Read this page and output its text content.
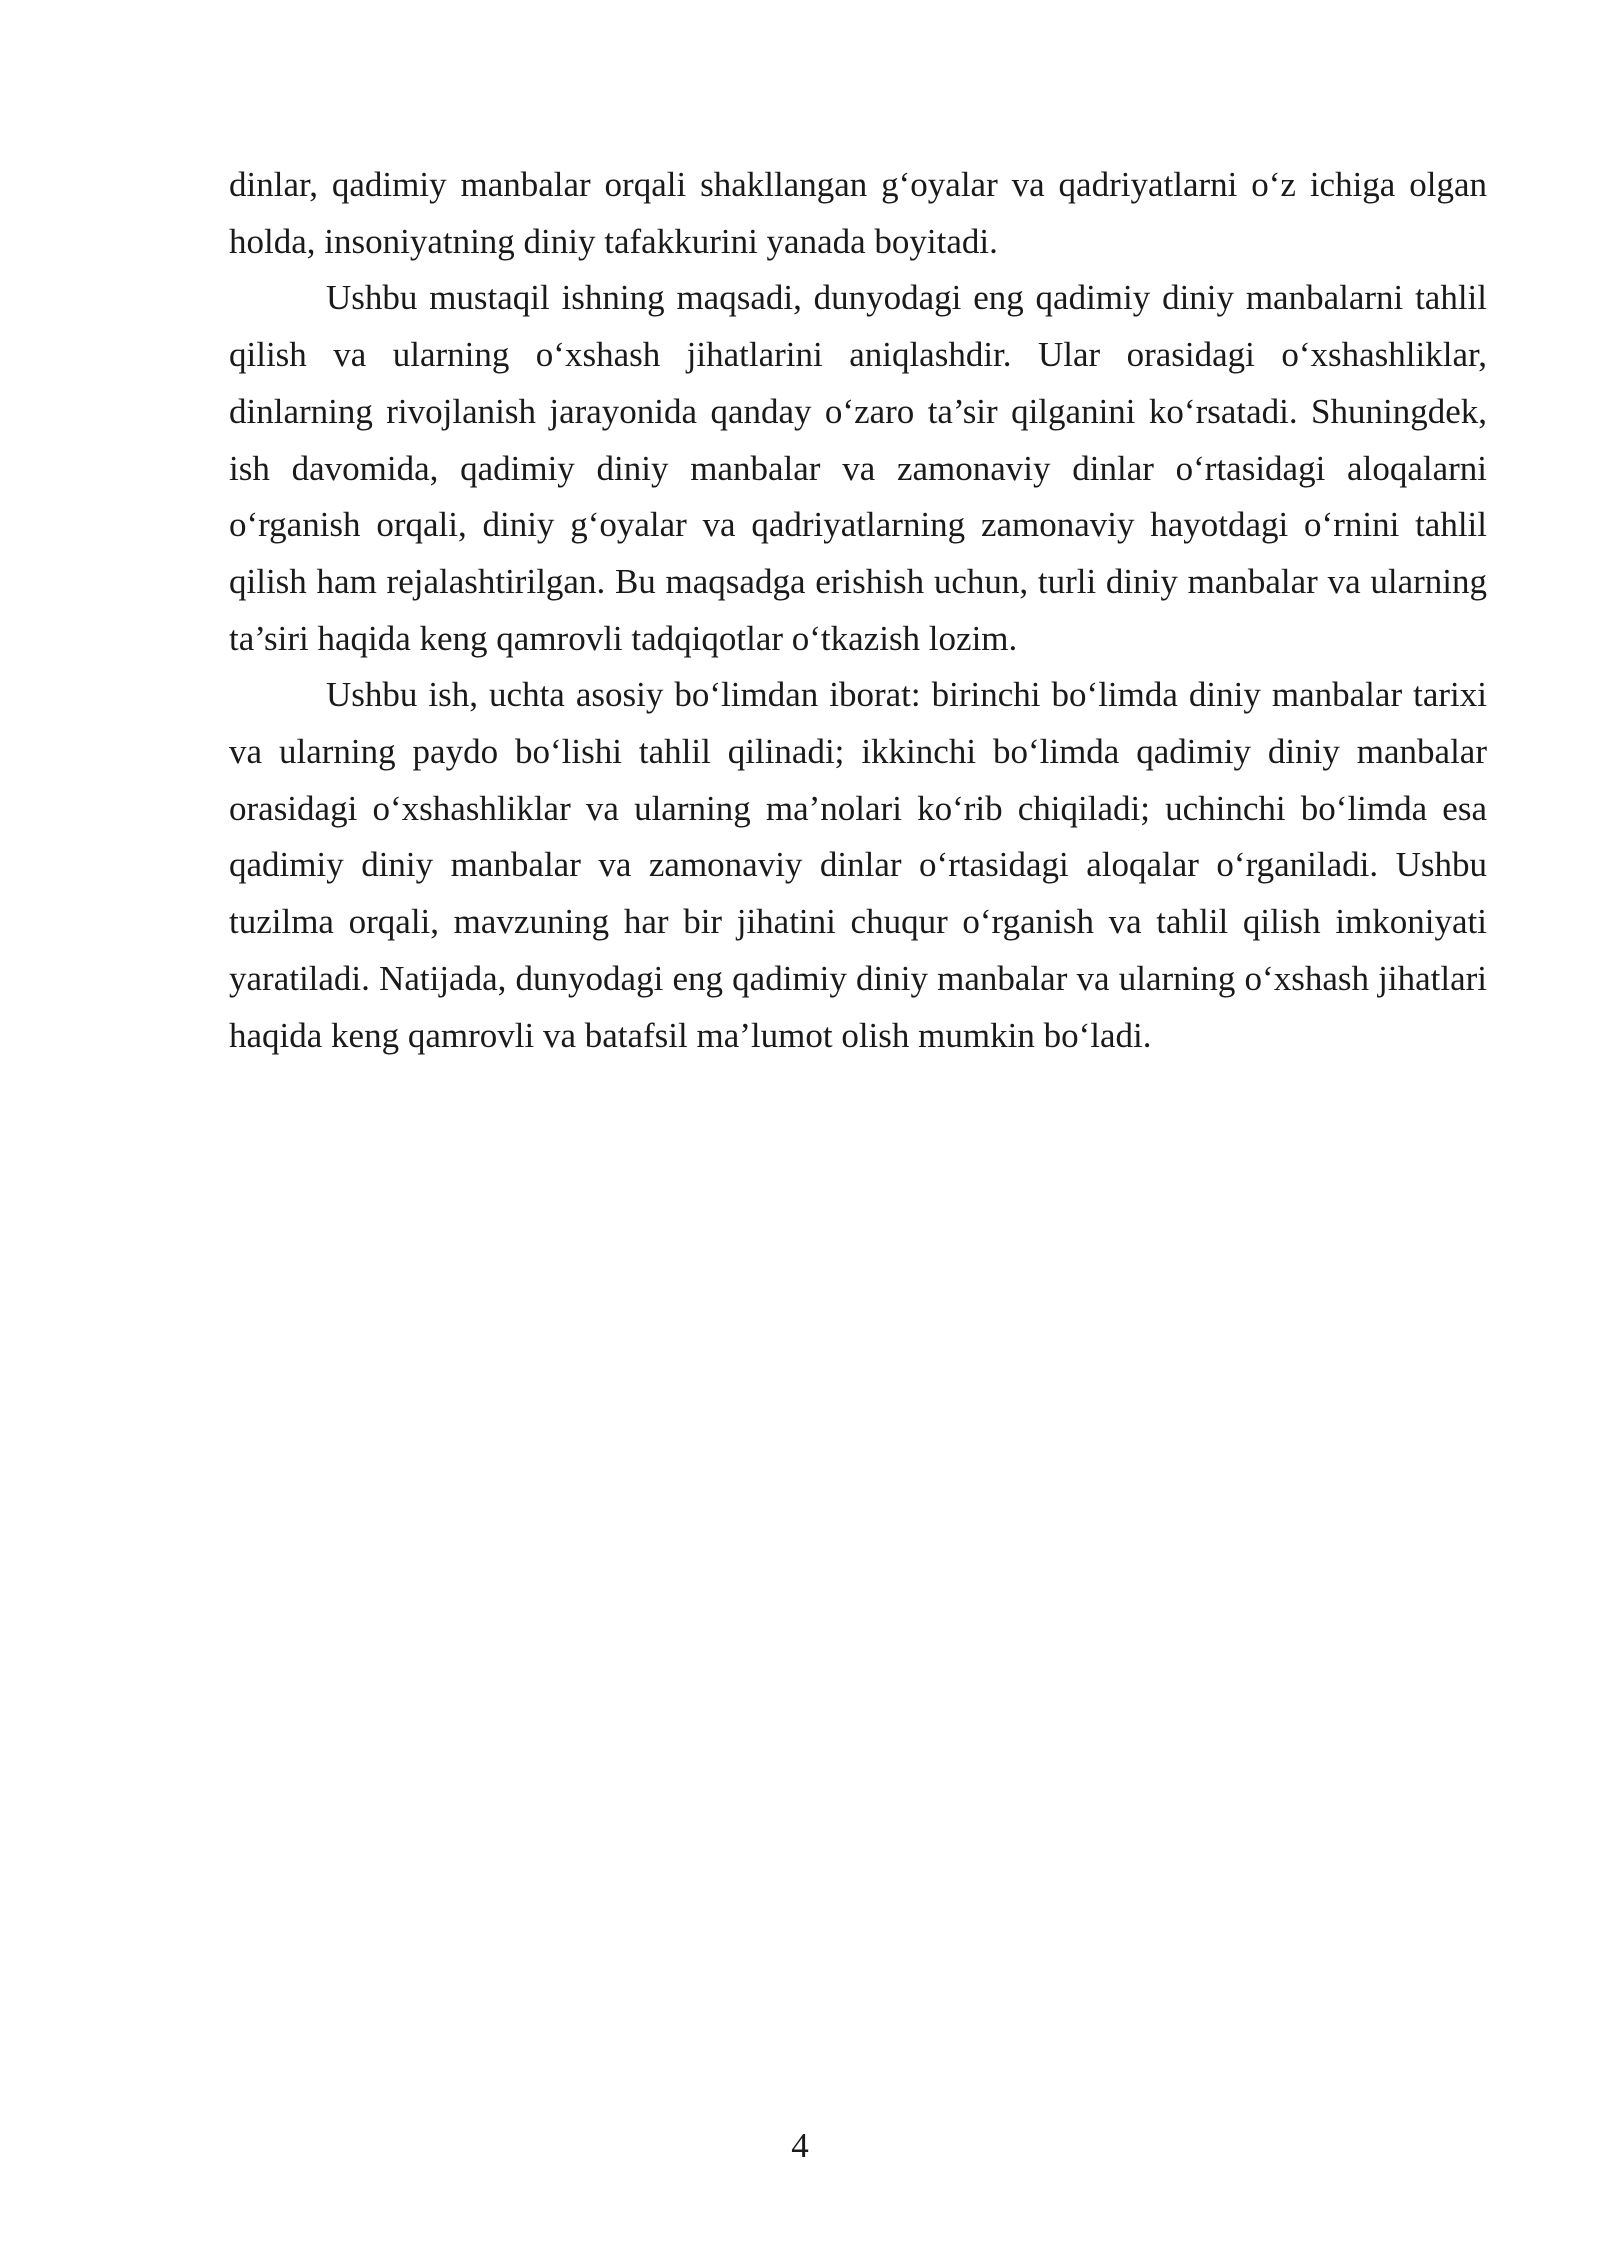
dinlar, qadimiy manbalar orqali shakllangan g‘oyalar va qadriyatlarni o‘z ichiga olgan holda, insoniyatning diniy tafakkurini yanada boyitadi.

Ushbu mustaqil ishning maqsadi, dunyodagi eng qadimiy diniy manbalarni tahlil qilish va ularning o‘xshash jihatlarini aniqlashdir. Ular orasidagi o‘xshashliklar, dinlarning rivojlanish jarayonida qanday o‘zaro ta’sir qilganini ko‘rsatadi. Shuningdek, ish davomida, qadimiy diniy manbalar va zamonaviy dinlar o‘rtasidagi aloqalarni o‘rganish orqali, diniy g‘oyalar va qadriyatlarning zamonaviy hayotdagi o‘rnini tahlil qilish ham rejalashtirilgan. Bu maqsadga erishish uchun, turli diniy manbalar va ularning ta’siri haqida keng qamrovli tadqiqotlar o‘tkazish lozim.

Ushbu ish, uchta asosiy bo‘limdan iborat: birinchi bo‘limda diniy manbalar tarixi va ularning paydo bo‘lishi tahlil qilinadi; ikkinchi bo‘limda qadimiy diniy manbalar orasidagi o‘xshashliklar va ularning ma’nolari ko‘rib chiqiladi; uchinchi bo‘limda esa qadimiy diniy manbalar va zamonaviy dinlar o‘rtasidagi aloqalar o‘rganiladi. Ushbu tuzilma orqali, mavzuning har bir jihatini chuqur o‘rganish va tahlil qilish imkoniyati yaratiladi. Natijada, dunyodagi eng qadimiy diniy manbalar va ularning o‘xshash jihatlari haqida keng qamrovli va batafsil ma’lumot olish mumkin bo‘ladi.

4
